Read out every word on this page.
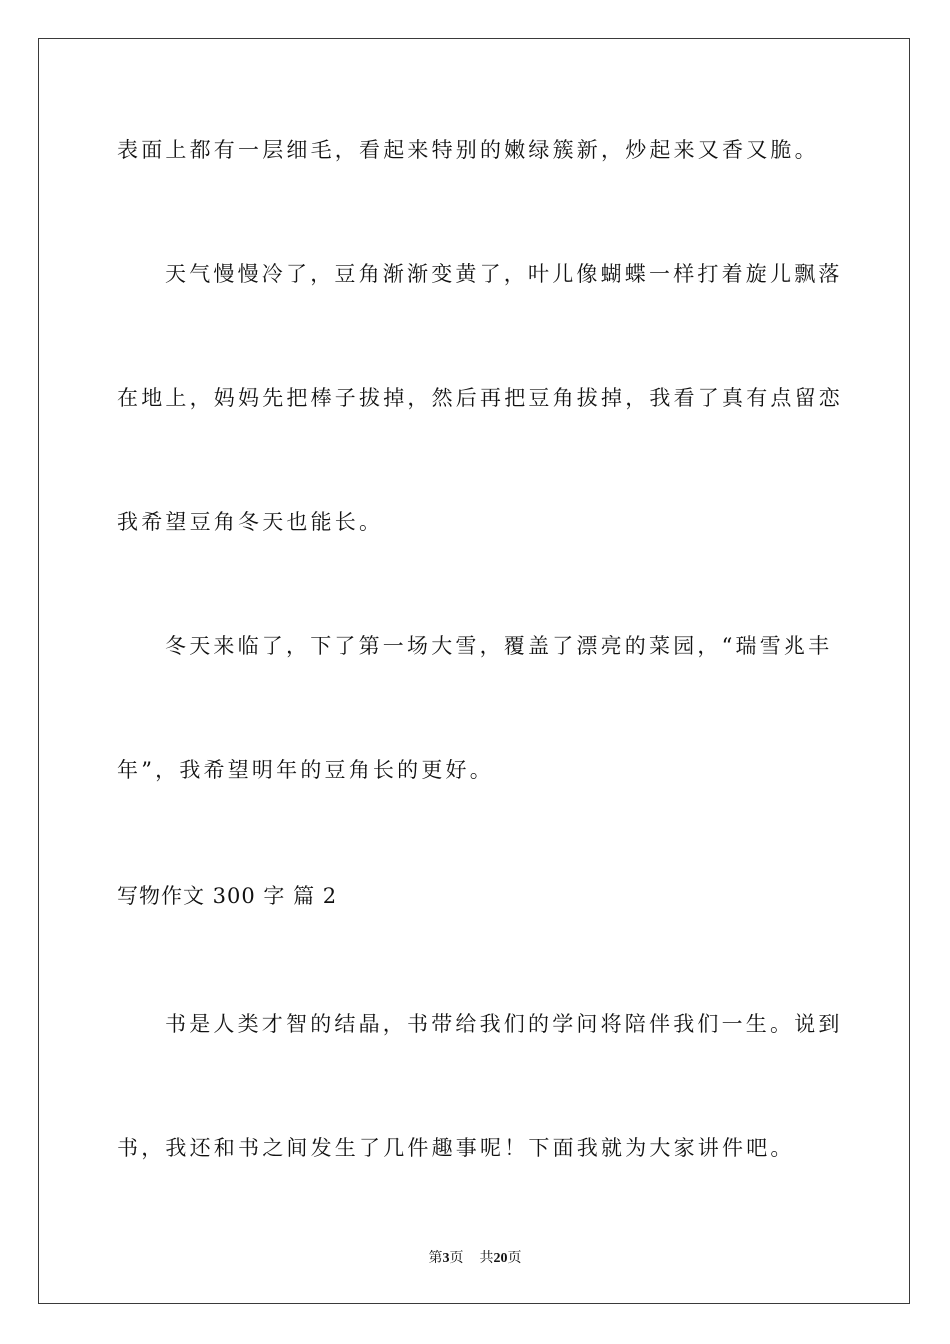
表面上都有一层细毛，看起来特别的嫩绿簇新，炒起来又香又脆。
天气慢慢冷了，豆角渐渐变黄了，叶儿像蝴蝶一样打着旋儿飘落
在地上，妈妈先把棒子拔掉，然后再把豆角拔掉，我看了真有点留恋
我希望豆角冬天也能长。
冬天来临了，下了第一场大雪，覆盖了漂亮的菜园，“瑞雪兆丰
年”，我希望明年的豆角长的更好。
写物作文 300 字 篇 2
书是人类才智的结晶，书带给我们的学问将陪伴我们一生。说到
书，我还和书之间发生了几件趣事呢！下面我就为大家讲件吧。
第3页 共20页
